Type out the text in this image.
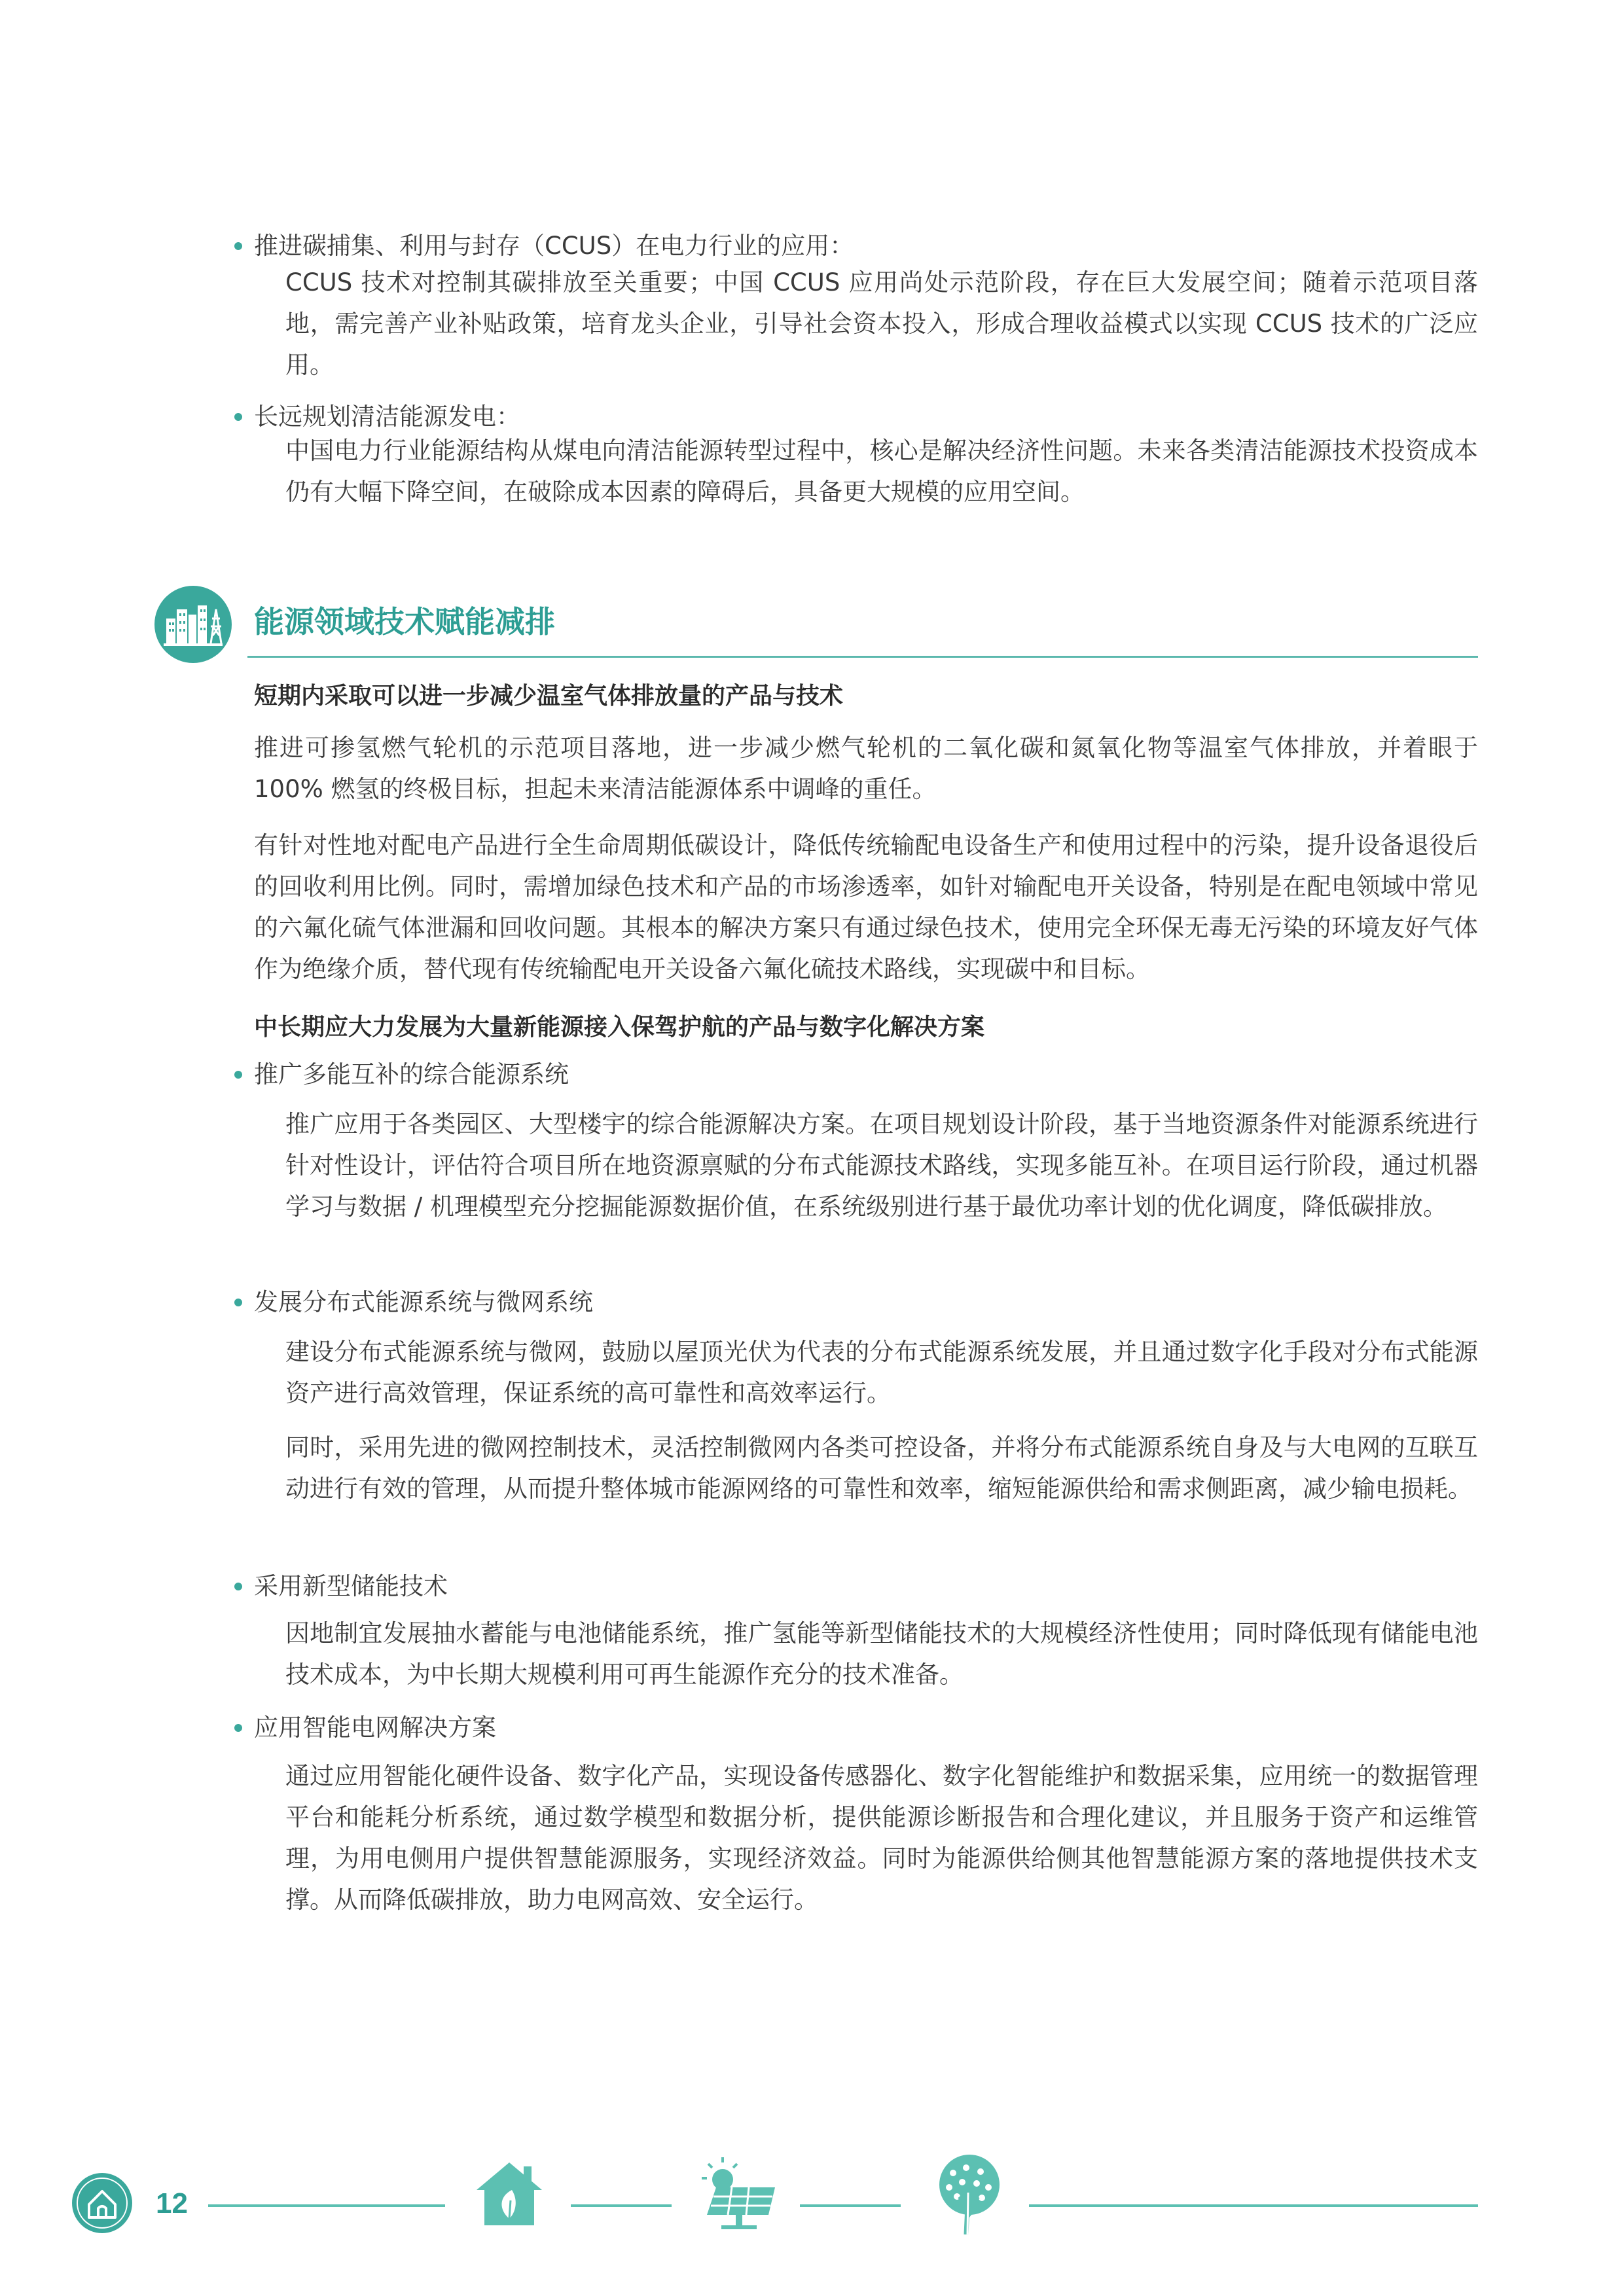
推进碳捕集、利用与封存（CCUS）在电力行业的应用：

CCUS 技术对控制其碳排放至关重要；中国 CCUS 应用尚处示范阶段，存在巨大发展空间；随着示范项目落地，需完善产业补贴政策，培育龙头企业，引导社会资本投入，形成合理收益模式以实现 CCUS 技术的广泛应用。

长远规划清洁能源发电：

中国电力行业能源结构从煤电向清洁能源转型过程中，核心是解决经济性问题。未来各类清洁能源技术投资成本仍有大幅下降空间，在破除成本因素的障碍后，具备更大规模的应用空间。

能源领域技术赋能减排
短期内采取可以进一步减少温室气体排放量的产品与技术

推进可掺氢燃气轮机的示范项目落地，进一步减少燃气轮机的二氧化碳和氮氧化物等温室气体排放，并着眼于 100% 燃氢的终极目标，担起未来清洁能源体系中调峰的重任。

有针对性地对配电产品进行全生命周期低碳设计，降低传统输配电设备生产和使用过程中的污染，提升设备退役后的回收利用比例。同时，需增加绿色技术和产品的市场渗透率，如针对输配电开关设备，特别是在配电领域中常见的六氟化硫气体泄漏和回收问题。其根本的解决方案只有通过绿色技术，使用完全环保无毒无污染的环境友好气体作为绝缘介质，替代现有传统输配电开关设备六氟化硫技术路线，实现碳中和目标。

中长期应大力发展为大量新能源接入保驾护航的产品与数字化解决方案
推广多能互补的综合能源系统

推广应用于各类园区、大型楼宇的综合能源解决方案。在项目规划设计阶段，基于当地资源条件对能源系统进行针对性设计，评估符合项目所在地资源禀赋的分布式能源技术路线，实现多能互补。在项目运行阶段，通过机器学习与数据 / 机理模型充分挖掘能源数据价值，在系统级别进行基于最优功率计划的优化调度，降低碳排放。

发展分布式能源系统与微网系统

建设分布式能源系统与微网，鼓励以屋顶光伏为代表的分布式能源系统发展，并且通过数字化手段对分布式能源资产进行高效管理，保证系统的高可靠性和高效率运行。

同时，采用先进的微网控制技术，灵活控制微网内各类可控设备，并将分布式能源系统自身及与大电网的互联互动进行有效的管理，从而提升整体城市能源网络的可靠性和效率，缩短能源供给和需求侧距离，减少输电损耗。

采用新型储能技术

因地制宜发展抽水蓄能与电池储能系统，推广氢能等新型储能技术的大规模经济性使用；同时降低现有储能电池技术成本，为中长期大规模利用可再生能源作充分的技术准备。

应用智能电网解决方案

通过应用智能化硬件设备、数字化产品，实现设备传感器化、数字化智能维护和数据采集，应用统一的数据管理平台和能耗分析系统，通过数学模型和数据分析，提供能源诊断报告和合理化建议，并且服务于资产和运维管理，为用电侧用户提供智慧能源服务，实现经济效益。同时为能源供给侧其他智慧能源方案的落地提供技术支撑。从而降低碳排放，助力电网高效、安全运行。

12
